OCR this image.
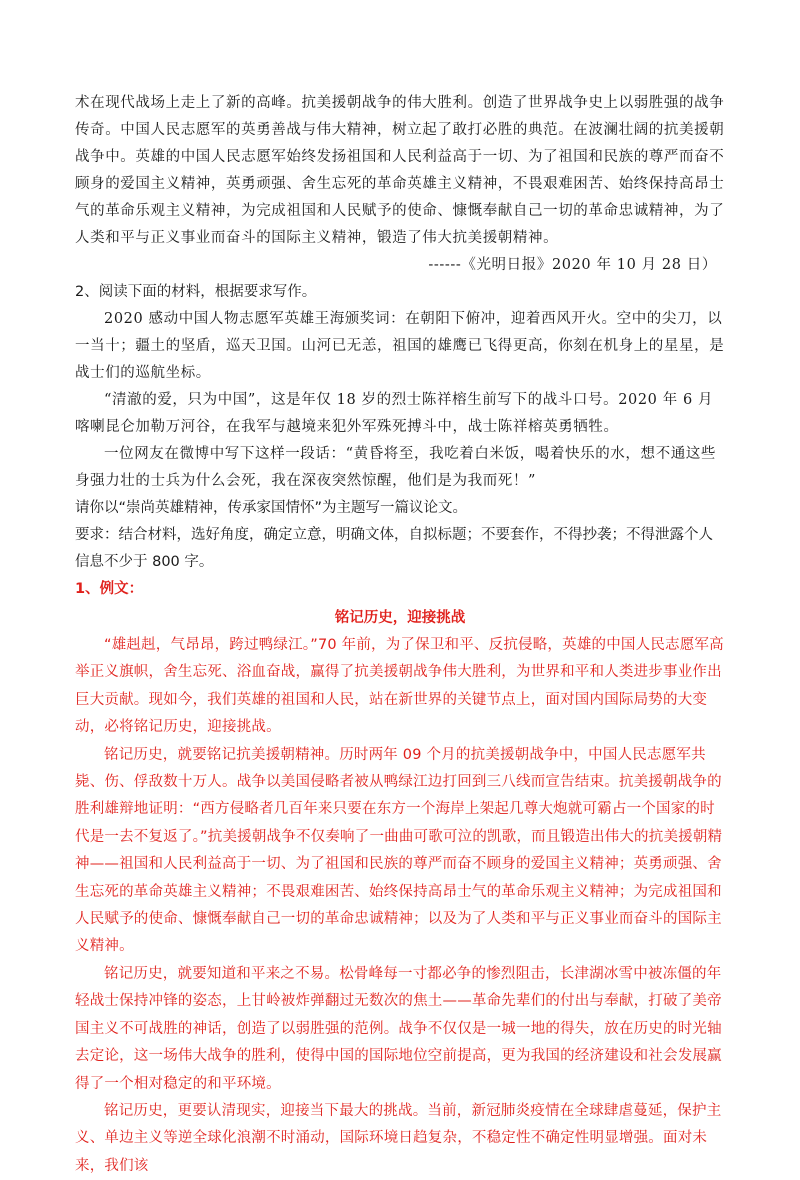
术在现代战场上走上了新的高峰。抗美援朝战争的伟大胜利。创造了世界战争史上以弱胜强的战争传奇。中国人民志愿军的英勇善战与伟大精神，树立起了敢打必胜的典范。在波澜壮阔的抗美援朝战争中。英雄的中国人民志愿军始终发扬祖国和人民利益高于一切、为了祖国和民族的尊严而奋不顾身的爱国主义精神，英勇顽强、舍生忘死的革命英雄主义精神，不畏艰难困苦、始终保持高昂士气的革命乐观主义精神，为完成祖国和人民赋予的使命、慷慨奉献自己一切的革命忠诚精神，为了人类和平与正义事业而奋斗的国际主义精神，锻造了伟大抗美援朝精神。

------《光明日报》2020 年 10 月 28 日）

2、阅读下面的材料，根据要求写作。

2020 感动中国人物志愿军英雄王海颁奖词：在朝阳下俯冲，迎着西风开火。空中的尖刀，以一当十；疆土的坚盾，巡天卫国。山河已无恙，祖国的雄鹰已飞得更高，你刻在机身上的星星，是战士们的巡航坐标。

“清澈的爱，只为中国”，这是年仅 18 岁的烈士陈祥榕生前写下的战斗口号。2020 年 6 月喀喇昆仑加勒万河谷，在我军与越境来犯外军殊死搏斗中，战士陈祥榕英勇牺牲。

一位网友在微博中写下这样一段话：“黄昏将至，我吃着白米饭，喝着快乐的水，想不通这些身强力壮的士兵为什么会死，我在深夜突然惊醒，他们是为我而死！”

请你以“崇尚英雄精神，传承家国情怀”为主题写一篇议论文。

要求：结合材料，选好角度，确定立意，明确文体，自拟标题；不要套作，不得抄袭；不得泄露个人信息不少于 800 字。

1、例文：

铭记历史，迎接挑战

“雄赳赳，气昂昂，跨过鸭绿江。”70 年前，为了保卫和平、反抗侵略，英雄的中国人民志愿军高举正义旗帜，舍生忘死、浴血奋战，赢得了抗美援朝战争伟大胜利，为世界和平和人类进步事业作出巨大贡献。现如今，我们英雄的祖国和人民，站在新世界的关键节点上，面对国内国际局势的大变动，必将铭记历史，迎接挑战。

铭记历史，就要铭记抗美援朝精神。历时两年 09 个月的抗美援朝战争中，中国人民志愿军共毙、伤、俘敌数十万人。战争以美国侵略者被从鸭绿江边打回到三八线而宣告结束。抗美援朝战争的胜利雄辩地证明：“西方侵略者几百年来只要在东方一个海岸上架起几尊大炮就可霸占一个国家的时代是一去不复返了。”抗美援朝战争不仅奏响了一曲曲可歌可泣的凯歌，而且锻造出伟大的抗美援朝精神——祖国和人民利益高于一切、为了祖国和民族的尊严而奋不顾身的爱国主义精神；英勇顽强、舍生忘死的革命英雄主义精神；不畏艰难困苦、始终保持高昂士气的革命乐观主义精神；为完成祖国和人民赋予的使命、慷慨奉献自己一切的革命忠诚精神；以及为了人类和平与正义事业而奋斗的国际主义精神。

铭记历史，就要知道和平来之不易。松骨峰每一寸都必争的惨烈阻击，长津湖冰雪中被冻僵的年轻战士保持冲锋的姿态，上甘岭被炸弹翻过无数次的焦土——革命先辈们的付出与奉献，打破了美帝国主义不可战胜的神话，创造了以弱胜强的范例。战争不仅仅是一城一地的得失，放在历史的时光轴去定论，这一场伟大战争的胜利，使得中国的国际地位空前提高，更为我国的经济建设和社会发展赢得了一个相对稳定的和平环境。

铭记历史，更要认清现实，迎接当下最大的挑战。当前，新冠肺炎疫情在全球肆虐蔓延，保护主义、单边主义等逆全球化浪潮不时涌动，国际环境日趋复杂，不稳定性不确定性明显增强。面对未来，我们该
